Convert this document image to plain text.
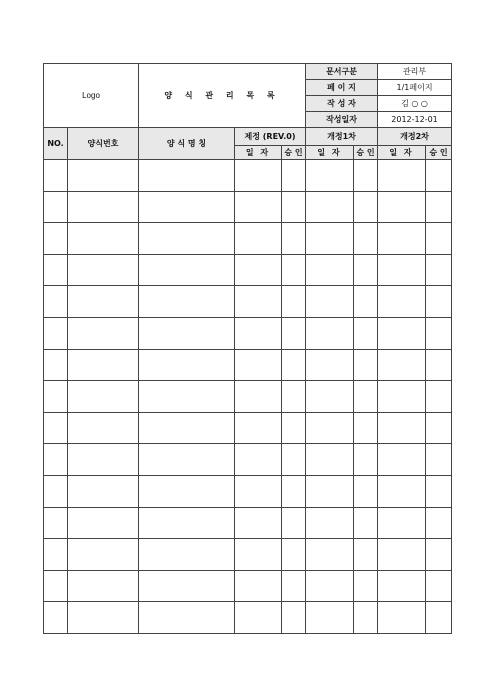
Logo		양 식 관 리 목 록			문서구분		관리부	
					페 이 지		1/1페이지	
					작 성 자		김 ○ ○	
					작성일자		2012-12-01	
NO.	양식번호	양 식 명 칭	제정 (REV.0)		개정1차		개정2차	
			일 자	승 인	일 자	승 인	일 자	승 인
